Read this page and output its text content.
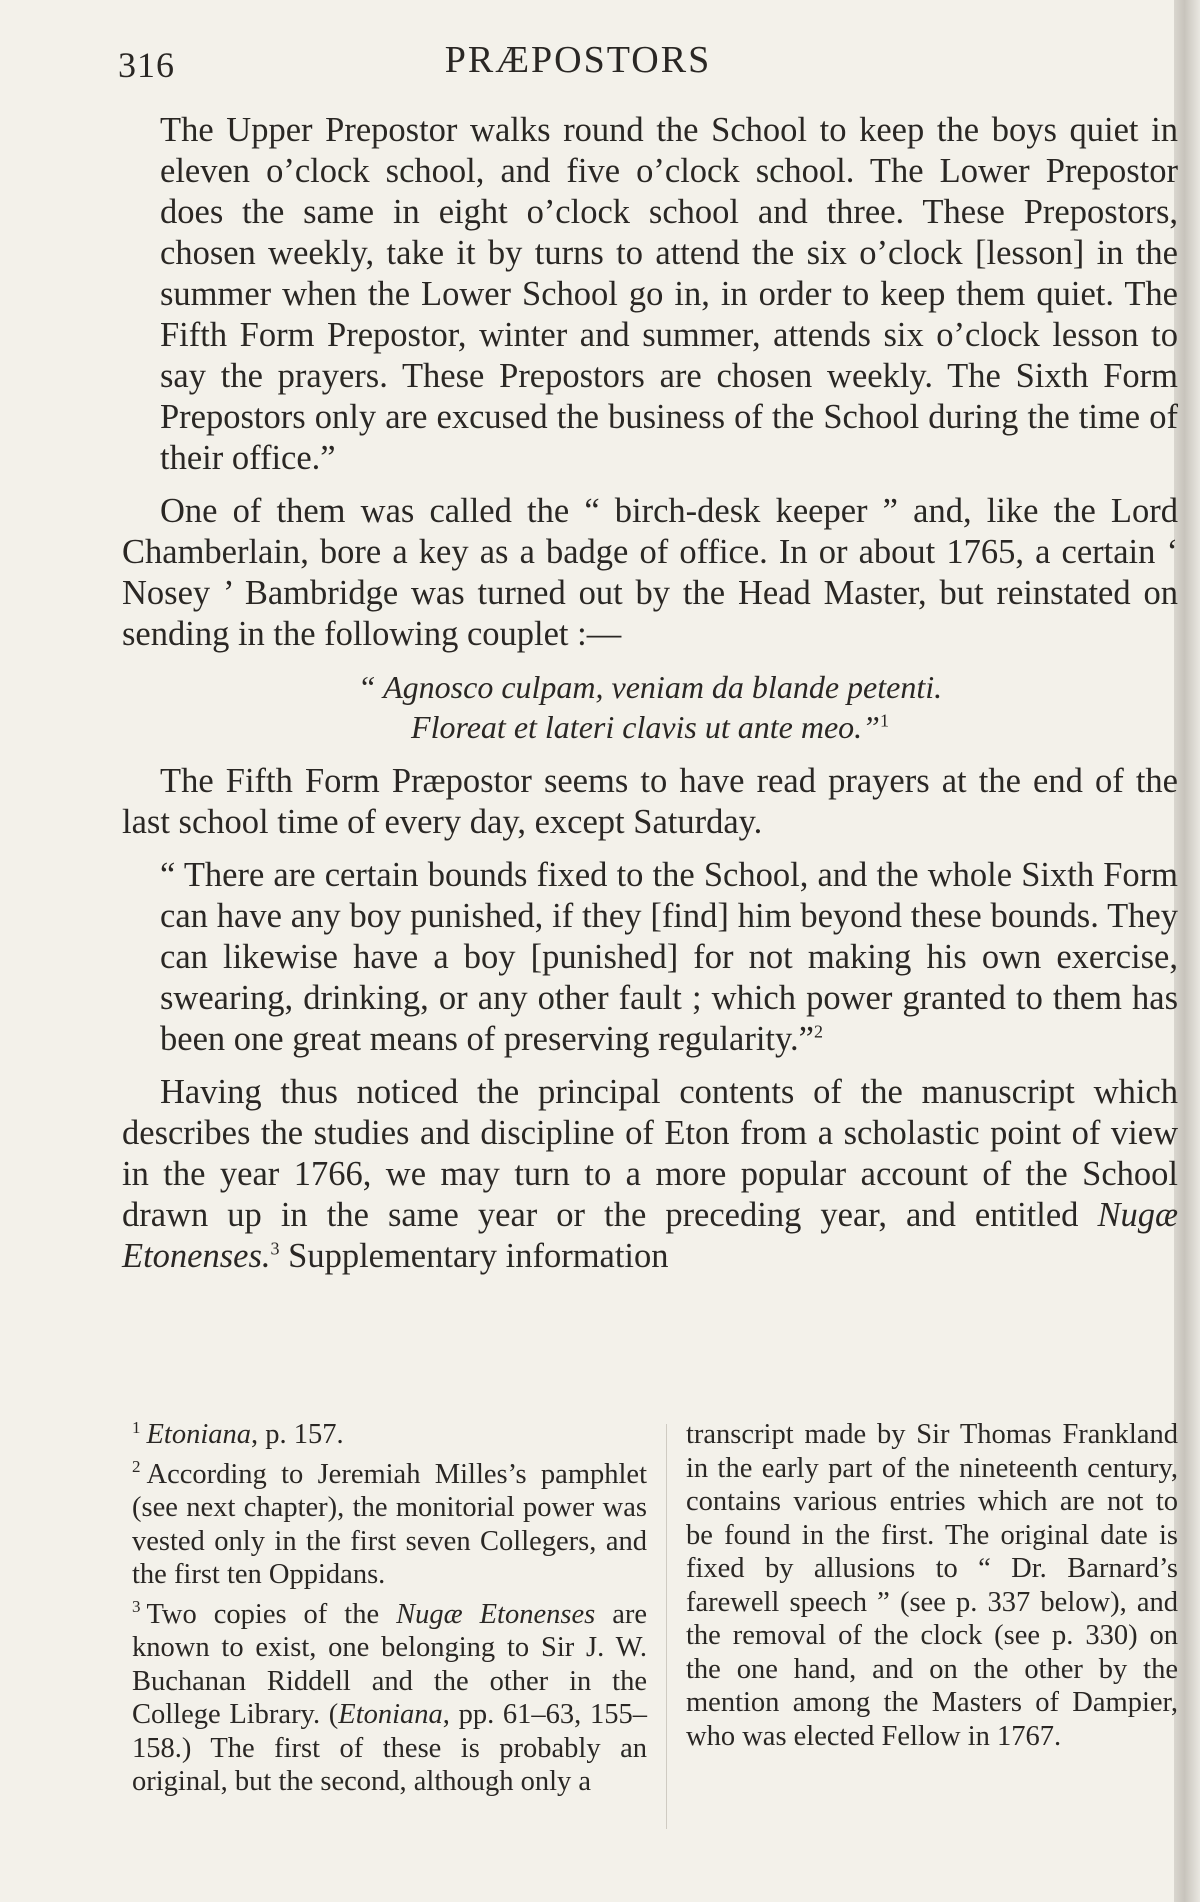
316	PRÆPOSTORS

The Upper Prepostor walks round the School to keep the boys quiet in eleven o’clock school, and five o’clock school. The Lower Prepostor does the same in eight o’clock school and three. These Prepostors, chosen weekly, take it by turns to attend the six o’clock [lesson] in the summer when the Lower School go in, in order to keep them quiet. The Fifth Form Prepostor, winter and summer, attends six o’clock lesson to say the prayers. These Prepostors are chosen weekly. The Sixth Form Prepostors only are excused the business of the School during the time of their office.”

One of them was called the “ birch-desk keeper ” and, like the Lord Chamberlain, bore a key as a badge of office. In or about 1765, a certain ‘ Nosey ’ Bambridge was turned out by the Head Master, but reinstated on sending in the following couplet :—

“ Agnosco culpam, veniam da blande petenti.
Floreat et lateri clavis ut ante meo.”$^1$

The Fifth Form Præpostor seems to have read prayers at the end of the last school time of every day, except Saturday.

“ There are certain bounds fixed to the School, and the whole Sixth Form can have any boy punished, if they [find] him beyond these bounds. They can likewise have a boy [punished] for not making his own exercise, swearing, drinking, or any other fault ; which power granted to them has been one great means of preserving regularity.”$^2$

Having thus noticed the principal contents of the manuscript which describes the studies and discipline of Eton from a scholastic point of view in the year 1766, we may turn to a more popular account of the School drawn up in the same year or the preceding year, and entitled Nugæ Etonenses.$^3$ Supplementary information

$^1$ Etoniana, p. 157.

$^2$ According to Jeremiah Milles’s pamphlet (see next chapter), the monitorial power was vested only in the first seven Collegers, and the first ten Oppidans.

$^3$ Two copies of the Nugæ Etonenses are known to exist, one belonging to Sir J. W. Buchanan Riddell and the other in the College Library. (Etoniana, pp. 61–63, 155–158.) The first of these is probably an original, but the second, although only a

transcript made by Sir Thomas Frankland in the early part of the nineteenth century, contains various entries which are not to be found in the first. The original date is fixed by allusions to “ Dr. Barnard’s farewell speech ” (see p. 337 below), and the removal of the clock (see p. 330) on the one hand, and on the other by the mention among the Masters of Dampier, who was elected Fellow in 1767.
